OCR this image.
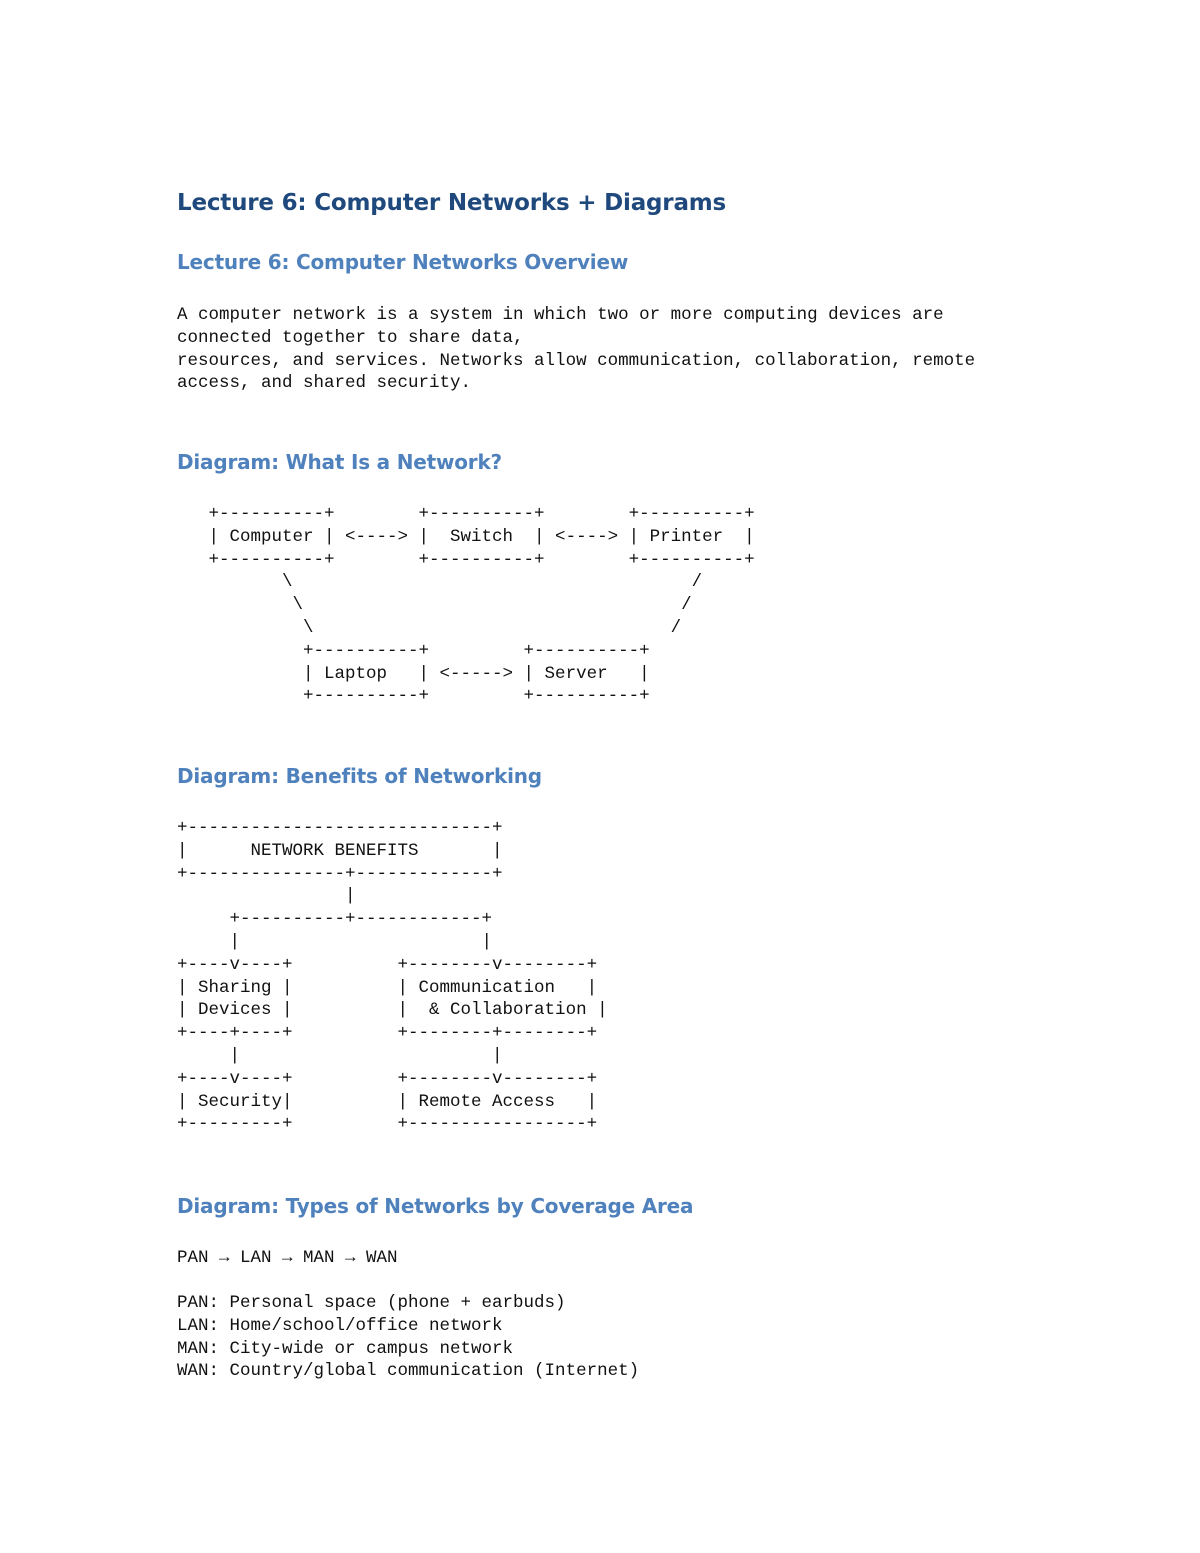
Lecture 6: Computer Networks + Diagrams
Lecture 6: Computer Networks Overview
A computer network is a system in which two or more computing devices are
connected together to share data,
resources, and services. Networks allow communication, collaboration, remote
access, and shared security.
Diagram: What Is a Network?
+----------+        +----------+        +----------+
| Computer | <----> |  Switch  | <----> | Printer  |
+----------+        +----------+        +----------+
\                                      /
\                                    /
\                                  /
+----------+         +----------+
| Laptop   | <-----> | Server   |
+----------+         +----------+
Diagram: Benefits of Networking
+-----------------------------+
|      NETWORK BENEFITS       |
+---------------+-------------+
|
+----------+------------+
|                       |
+----v----+          +--------v--------+
| Sharing |          | Communication   |
| Devices |          |  & Collaboration |
+----+----+          +--------+--------+
|                        |
+----v----+          +--------v--------+
| Security|          | Remote Access   |
+---------+          +-----------------+
Diagram: Types of Networks by Coverage Area
PAN → LAN → MAN → WAN
PAN: Personal space (phone + earbuds)
LAN: Home/school/office network
MAN: City-wide or campus network
WAN: Country/global communication (Internet)
